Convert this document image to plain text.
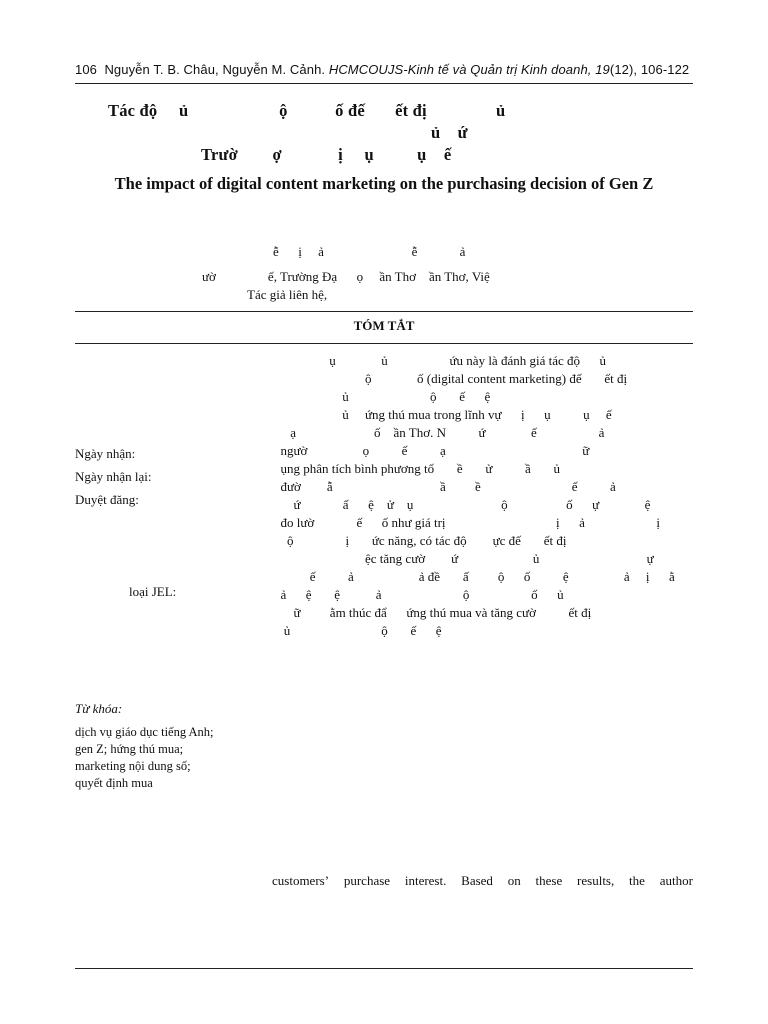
106 Nguyễn T. B. Châu, Nguyễn M. Cảnh. HCMCOUJS-Kinh tế và Quản trị Kinh doanh, 19(12), 106-122
Tác độ     ủ                     ộ           ố đế       ết đị                ủ
ủ    ứ
Trườ        ợ             ị     ụ          ụ    ế
The impact of digital content marketing on the purchasing decision of Gen Z
ễ      ị     ả                           ễ             ả
ườ                ế, Trường Đạ      ọ     ần Thơ    ần Thơ, Việ
Tác giả liên hệ,
TÓM TẮT
Ngày nhận:
Ngày nhận lại:
Duyệt đăng:
loại JEL:
Từ khóa:
dịch vụ giáo dục tiếng Anh;
gen Z; hứng thú mua;
marketing nội dung số;
quyết định mua
ụ              ủ                   ứu này là đánh giá tác độ      ủ
ộ              ố (digital content marketing) đế       ết đị
ủ                         ộ       ế      ệ
ủ     ứng thú mua trong lĩnh vự      ị      ụ          ụ     ế
ạ                        ố    ần Thơ. N          ứ              ế                   ả
ngườ                 ọ          ế          ạ                                          ữ
ụng phân tích bình phương tố       ề       ử          ầ       ủ
đườ        ẫ                                 ầ         ề                            ế          ả
ứ             ấ      ệ    ử    ụ                           ộ                  ố      ự              ệ
đo lườ             ế      ố như giá trị                                  ị      ả                      ị
ộ                ị       ức năng, có tác độ        ực đế       ết đị
ệc tăng cườ        ứ                       ủ                                 ự
ế          ả                    ả đề       ấ         ộ      ố          ệ                 ả     ị      ằ
ả      ệ       ệ           ả                         ộ                   ố      ủ
ữ         ằm thúc đẩ      ứng thú mua và tăng cườ          ết đị
ủ                            ộ       ế      ệ
customers’ purchase interest. Based on these results, the author
